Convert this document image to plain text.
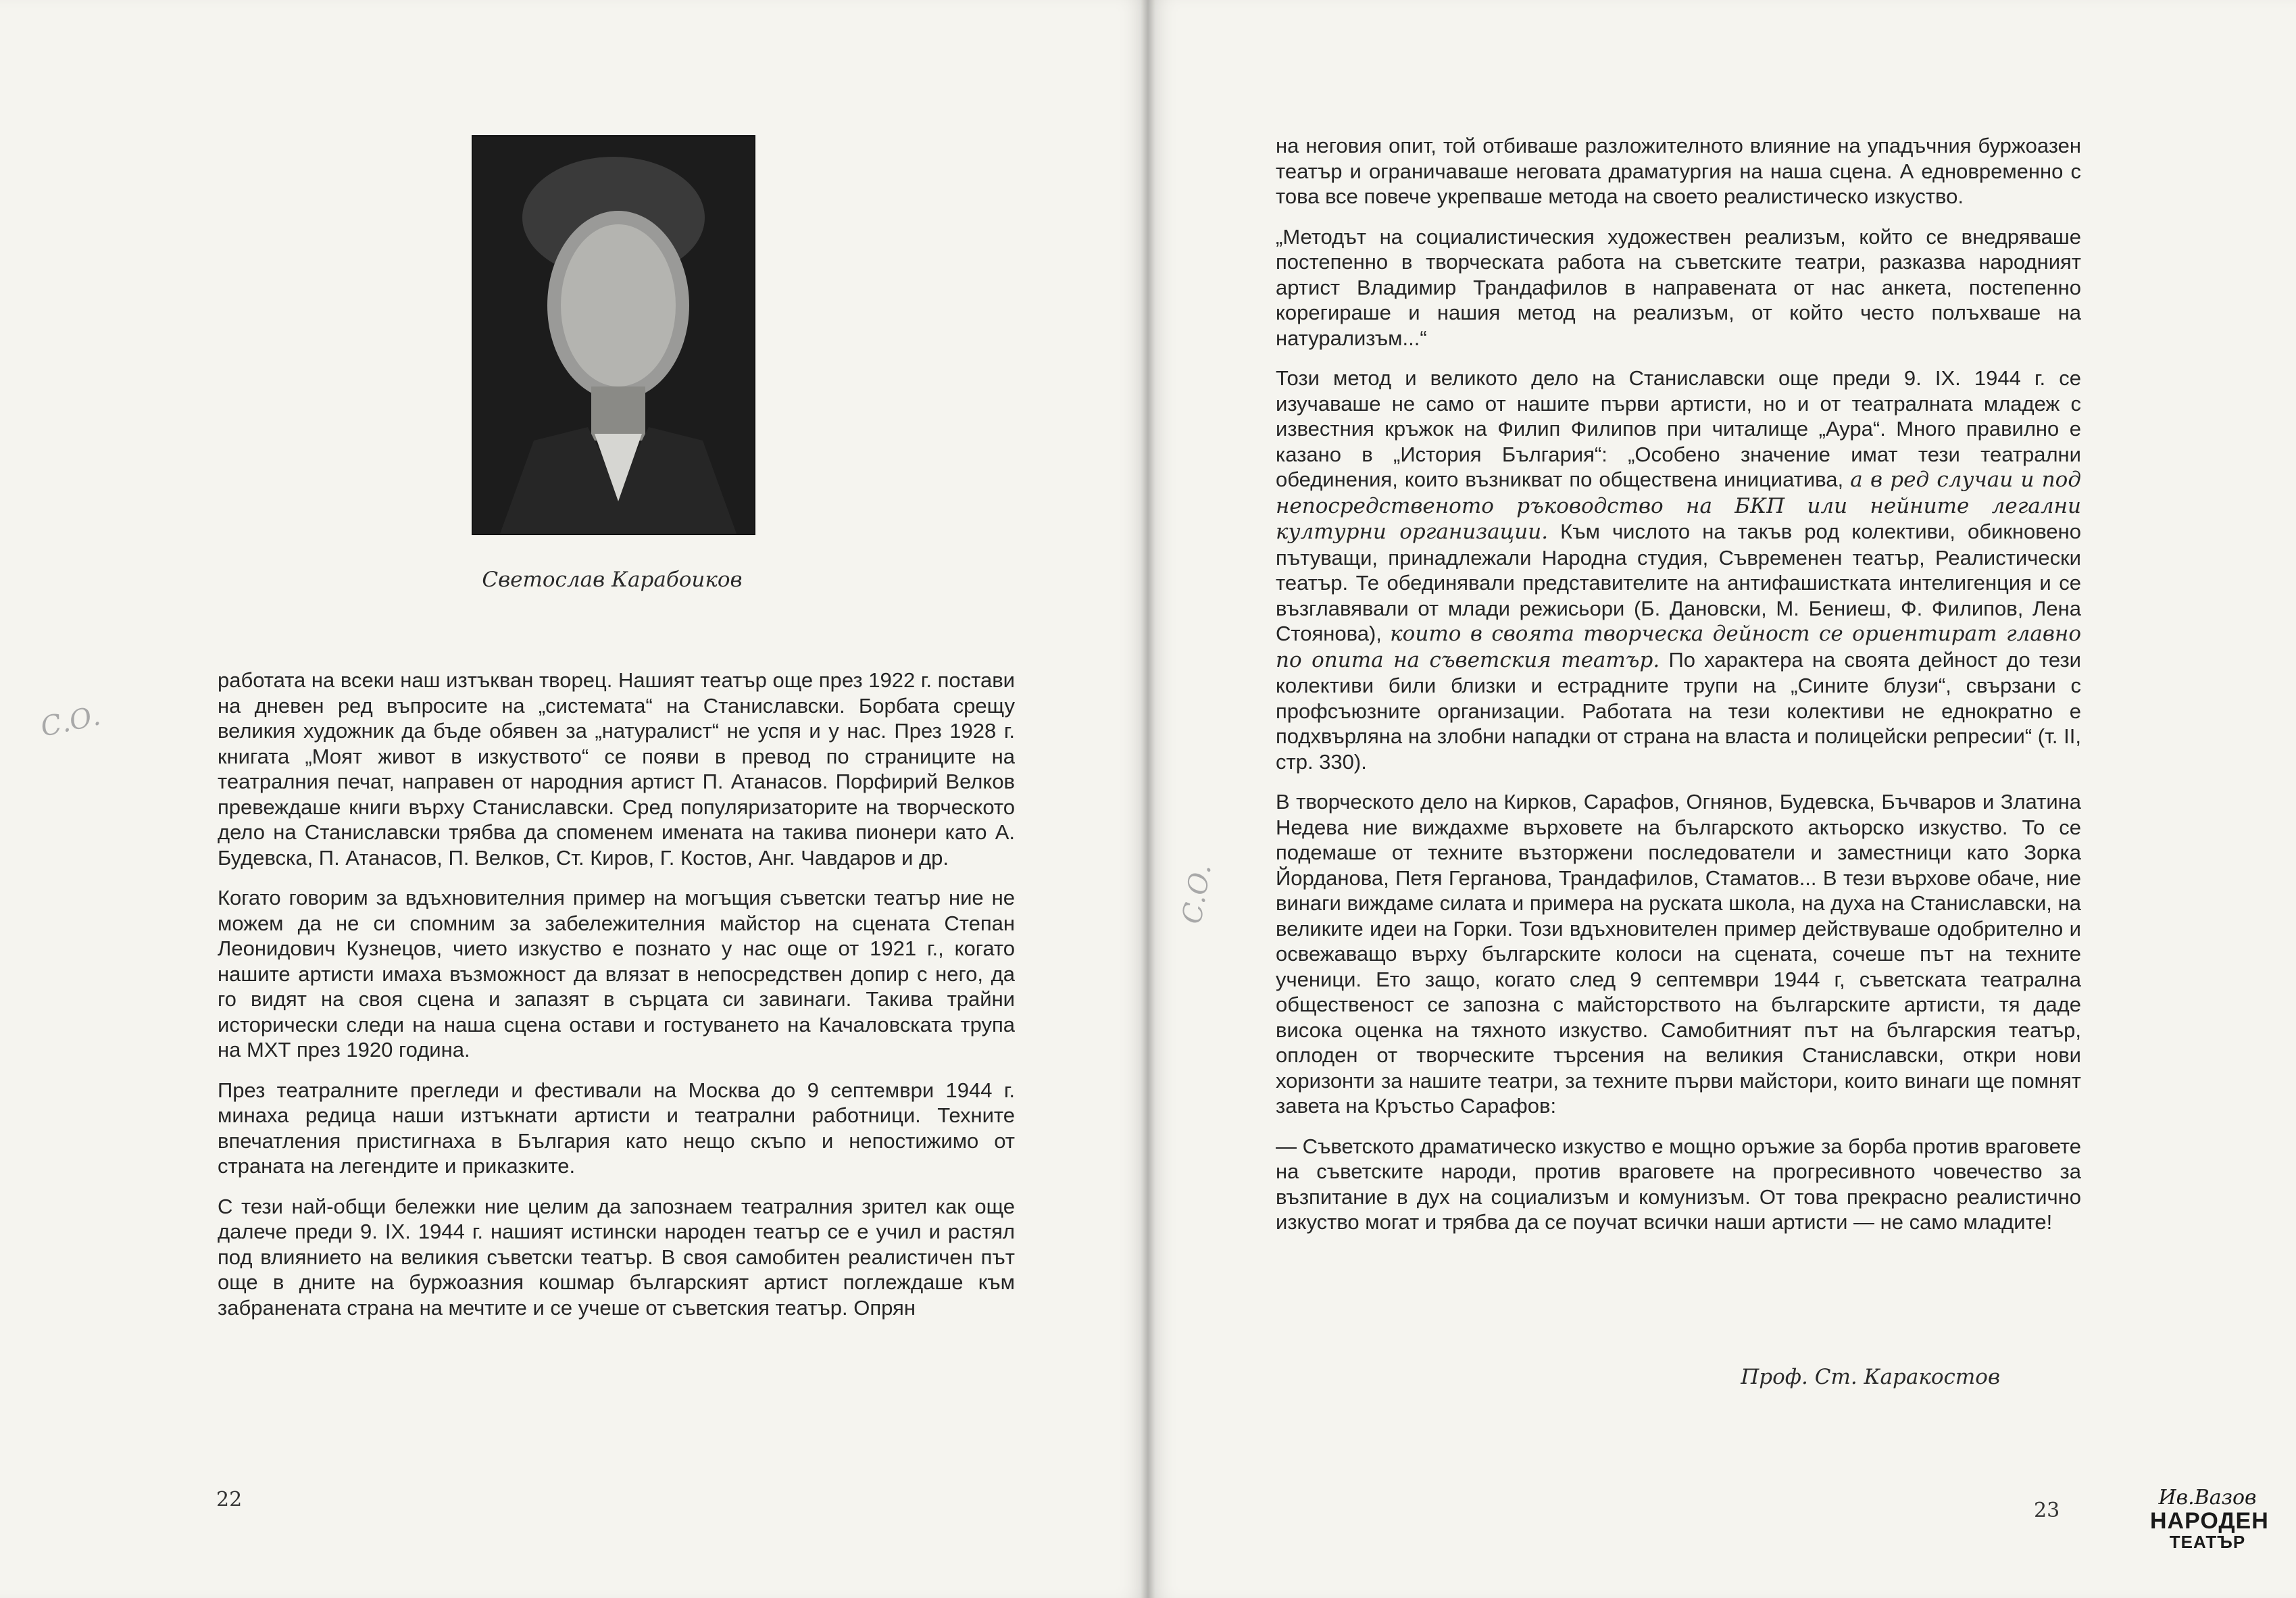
Светослав Карабоиков

работата на всеки наш изтъкван творец. Нашият театър още през 1922 г. постави на дневен ред въпросите на „системата“ на Станиславски. Борбата срещу великия художник да бъде обявен за „натуралист“ не успя и у нас. През 1928 г. книгата „Моят живот в изкуството“ се появи в превод по страниците на театралния печат, направен от народния артист П. Атанасов. Порфирий Велков превеждаше книги върху Станиславски. Сред популяризаторите на творческото дело на Станиславски трябва да споменем имената на такива пионери като А. Будевска, П. Атанасов, П. Велков, Ст. Киров, Г. Костов, Анг. Чавдаров и др.

Когато говорим за вдъхновителния пример на могъщия съветски театър ние не можем да не си спомним за забележителния майстор на сцената Степан Леонидович Кузнецов, чието изкуство е познато у нас още от 1921 г., когато нашите артисти имаха възможност да влязат в непосредствен допир с него, да го видят на своя сцена и запазят в сърцата си завинаги. Такива трайни исторически следи на наша сцена остави и гостуването на Качаловската трупа на МХТ през 1920 година.

През театралните прегледи и фестивали на Москва до 9 септември 1944 г. минаха редица наши изтъкнати артисти и театрални работници. Техните впечатления пристигнаха в България като нещо скъпо и непостижимо от страната на легендите и приказките.

С тези най-общи бележки ние целим да запознаем театралния зрител как още далече преди 9. IX. 1944 г. нашият истински народен театър се е учил и растял под влиянието на великия съветски театър. В своя самобитен реалистичен път още в дните на буржоазния кошмар българският артист поглеждаше към забранената страна на мечтите и се учеше от съветския театър. Опрян

С.О.
22

на неговия опит, той отбиваше разложителното влияние на упадъчния буржоазен театър и ограничаваше неговата драматургия на наша сцена. А едновременно с това все повече укрепваше метода на своето реалистическо изкуство.

„Методът на социалистическия художествен реализъм, който се внедряваше постепенно в творческата работа на съветските театри, разказва народният артист Владимир Трандафилов в направената от нас анкета, постепенно корегираше и нашия метод на реализъм, от който често полъхваше на натурализъм...“

Този метод и великото дело на Станиславски още преди 9. IX. 1944 г. се изучаваше не само от нашите първи артисти, но и от театралната младеж с известния кръжок на Филип Филипов при читалище „Аура“. Много правилно е казано в „История България“: „Особено значение имат тези театрални обединения, които възникват по обществена инициатива, а в ред случаи и под непосредственото ръководство на БКП или нейните легални културни организации. Към числото на такъв род колективи, обикновено пътуващи, принадлежали Народна студия, Съвременен театър, Реалистически театър. Те обединявали представителите на антифашистката интелигенция и се възглавявали от млади режисьори (Б. Дановски, М. Бениеш, Ф. Филипов, Лена Стоянова), които в своята творческа дейност се ориентират главно по опита на съветския театър. По характера на своята дейност до тези колективи били близки и естрадните трупи на „Сините блузи“, свързани с профсъюзните организации. Работата на тези колективи не еднократно е подхвърляна на злобни нападки от страна на власта и полицейски репресии“ (т. II, стр. 330).

В творческото дело на Кирков, Сарафов, Огнянов, Будевска, Бъчваров и Златина Недева ние виждахме върховете на българското актьорско изкуство. То се подемаше от техните възторжени последователи и заместници като Зорка Йорданова, Петя Герганова, Трандафилов, Стаматов... В тези върхове обаче, ние винаги виждаме силата и примера на руската школа, на духа на Станиславски, на великите идеи на Горки. Този вдъхновителен пример действуваше одобрително и освежаващо върху българските колоси на сцената, сочеше път на техните ученици. Ето защо, когато след 9 септември 1944 г, съветската театрална общественост се запозна с майсторството на българските артисти, тя даде висока оценка на тяхното изкуство. Самобитният път на българския театър, оплоден от творческите търсения на великия Станиславски, откри нови хоризонти за нашите театри, за техните първи майстори, които винаги ще помнят завета на Кръстьо Сарафов:

— Съветското драматическо изкуство е мощно оръжие за борба против враговете на съветските народи, против враговете на прогресивното човечество за възпитание в дух на социализъм и комунизъм. От това прекрасно реалистично изкуство могат и трябва да се поучат всички наши артисти — не само младите!

Проф. Ст. Каракостов
С.О.
23
Ив.Вазов
НАРОДЕН
ТЕАТЪР
